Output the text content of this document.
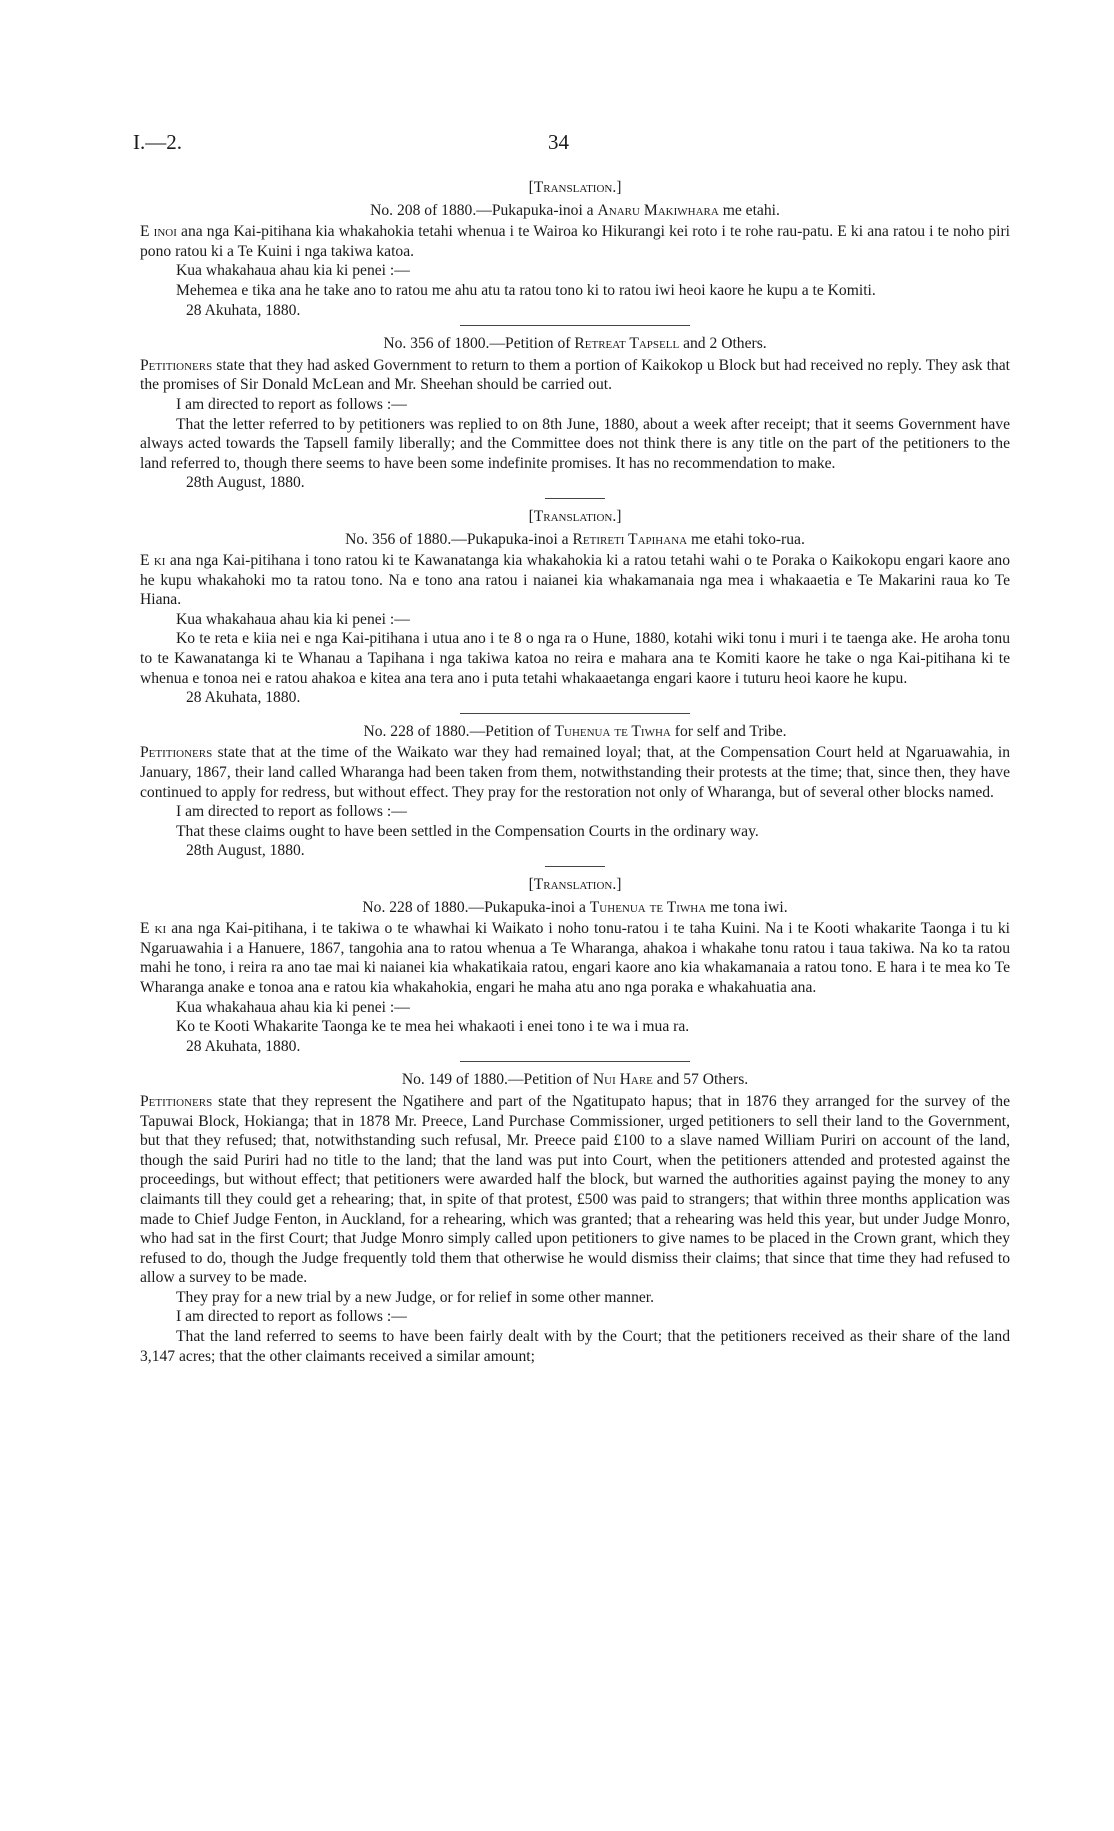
I.—2.	34

[Translation.]

No. 208 of 1880.—Pukapuka-inoi a Anaru Makiwhara me etahi.

E inoi ana nga Kai-pitihana kia whakahokia tetahi whenua i te Wairoa ko Hikurangi kei roto i te rohe rau-patu. E ki ana ratou i te noho piri pono ratou ki a Te Kuini i nga takiwa katoa.

Kua whakahaua ahau kia ki penei :—

Mehemea e tika ana he take ano to ratou me ahu atu ta ratou tono ki to ratou iwi heoi kaore he kupu a te Komiti.

28 Akuhata, 1880.

No. 356 of 1800.—Petition of Retreat Tapsell and 2 Others.

Petitioners state that they had asked Government to return to them a portion of Kaikokop u Block but had received no reply. They ask that the promises of Sir Donald McLean and Mr. Sheehan should be carried out.

I am directed to report as follows :—

That the letter referred to by petitioners was replied to on 8th June, 1880, about a week after receipt; that it seems Government have always acted towards the Tapsell family liberally; and the Committee does not think there is any title on the part of the petitioners to the land referred to, though there seems to have been some indefinite promises. It has no recommendation to make.

28th August, 1880.

[Translation.]

No. 356 of 1880.—Pukapuka-inoi a Retireti Tapihana me etahi toko-rua.

E ki ana nga Kai-pitihana i tono ratou ki te Kawanatanga kia whakahokia ki a ratou tetahi wahi o te Poraka o Kaikokopu engari kaore ano he kupu whakahoki mo ta ratou tono. Na e tono ana ratou i naianei kia whakamanaia nga mea i whakaaetia e Te Makarini raua ko Te Hiana.

Kua whakahaua ahau kia ki penei :—

Ko te reta e kiia nei e nga Kai-pitihana i utua ano i te 8 o nga ra o Hune, 1880, kotahi wiki tonu i muri i te taenga ake. He aroha tonu to te Kawanatanga ki te Whanau a Tapihana i nga takiwa katoa no reira e mahara ana te Komiti kaore he take o nga Kai-pitihana ki te whenua e tonoa nei e ratou ahakoa e kitea ana tera ano i puta tetahi whakaaetanga engari kaore i tuturu heoi kaore he kupu.

28 Akuhata, 1880.

No. 228 of 1880.—Petition of Tuhenua te Tiwha for self and Tribe.

Petitioners state that at the time of the Waikato war they had remained loyal; that, at the Compensation Court held at Ngaruawahia, in January, 1867, their land called Wharanga had been taken from them, notwithstanding their protests at the time; that, since then, they have continued to apply for redress, but without effect. They pray for the restoration not only of Wharanga, but of several other blocks named.

I am directed to report as follows :—

That these claims ought to have been settled in the Compensation Courts in the ordinary way.

28th August, 1880.

[Translation.]

No. 228 of 1880.—Pukapuka-inoi a Tuhenua te Tiwha me tona iwi.

E ki ana nga Kai-pitihana, i te takiwa o te whawhai ki Waikato i noho tonu-ratou i te taha Kuini. Na i te Kooti whakarite Taonga i tu ki Ngaruawahia i a Hanuere, 1867, tangohia ana to ratou whenua a Te Wharanga, ahakoa i whakahe tonu ratou i taua takiwa. Na ko ta ratou mahi he tono, i reira ra ano tae mai ki naianei kia whakatikaia ratou, engari kaore ano kia whakamanaia a ratou tono. E hara i te mea ko Te Wharanga anake e tonoa ana e ratou kia whakahokia, engari he maha atu ano nga poraka e whakahuatia ana.

Kua whakahaua ahau kia ki penei :—

Ko te Kooti Whakarite Taonga ke te mea hei whakaoti i enei tono i te wa i mua ra.

28 Akuhata, 1880.

No. 149 of 1880.—Petition of Nui Hare and 57 Others.

Petitioners state that they represent the Ngatihere and part of the Ngatitupato hapus; that in 1876 they arranged for the survey of the Tapuwai Block, Hokianga; that in 1878 Mr. Preece, Land Purchase Commissioner, urged petitioners to sell their land to the Government, but that they refused; that, notwithstanding such refusal, Mr. Preece paid £100 to a slave named William Puriri on account of the land, though the said Puriri had no title to the land; that the land was put into Court, when the petitioners attended and protested against the proceedings, but without effect; that petitioners were awarded half the block, but warned the authorities against paying the money to any claimants till they could get a rehearing; that, in spite of that protest, £500 was paid to strangers; that within three months application was made to Chief Judge Fenton, in Auckland, for a rehearing, which was granted; that a rehearing was held this year, but under Judge Monro, who had sat in the first Court; that Judge Monro simply called upon petitioners to give names to be placed in the Crown grant, which they refused to do, though the Judge frequently told them that otherwise he would dismiss their claims; that since that time they had refused to allow a survey to be made.

They pray for a new trial by a new Judge, or for relief in some other manner.

I am directed to report as follows :—

That the land referred to seems to have been fairly dealt with by the Court; that the petitioners received as their share of the land 3,147 acres; that the other claimants received a similar amount;
